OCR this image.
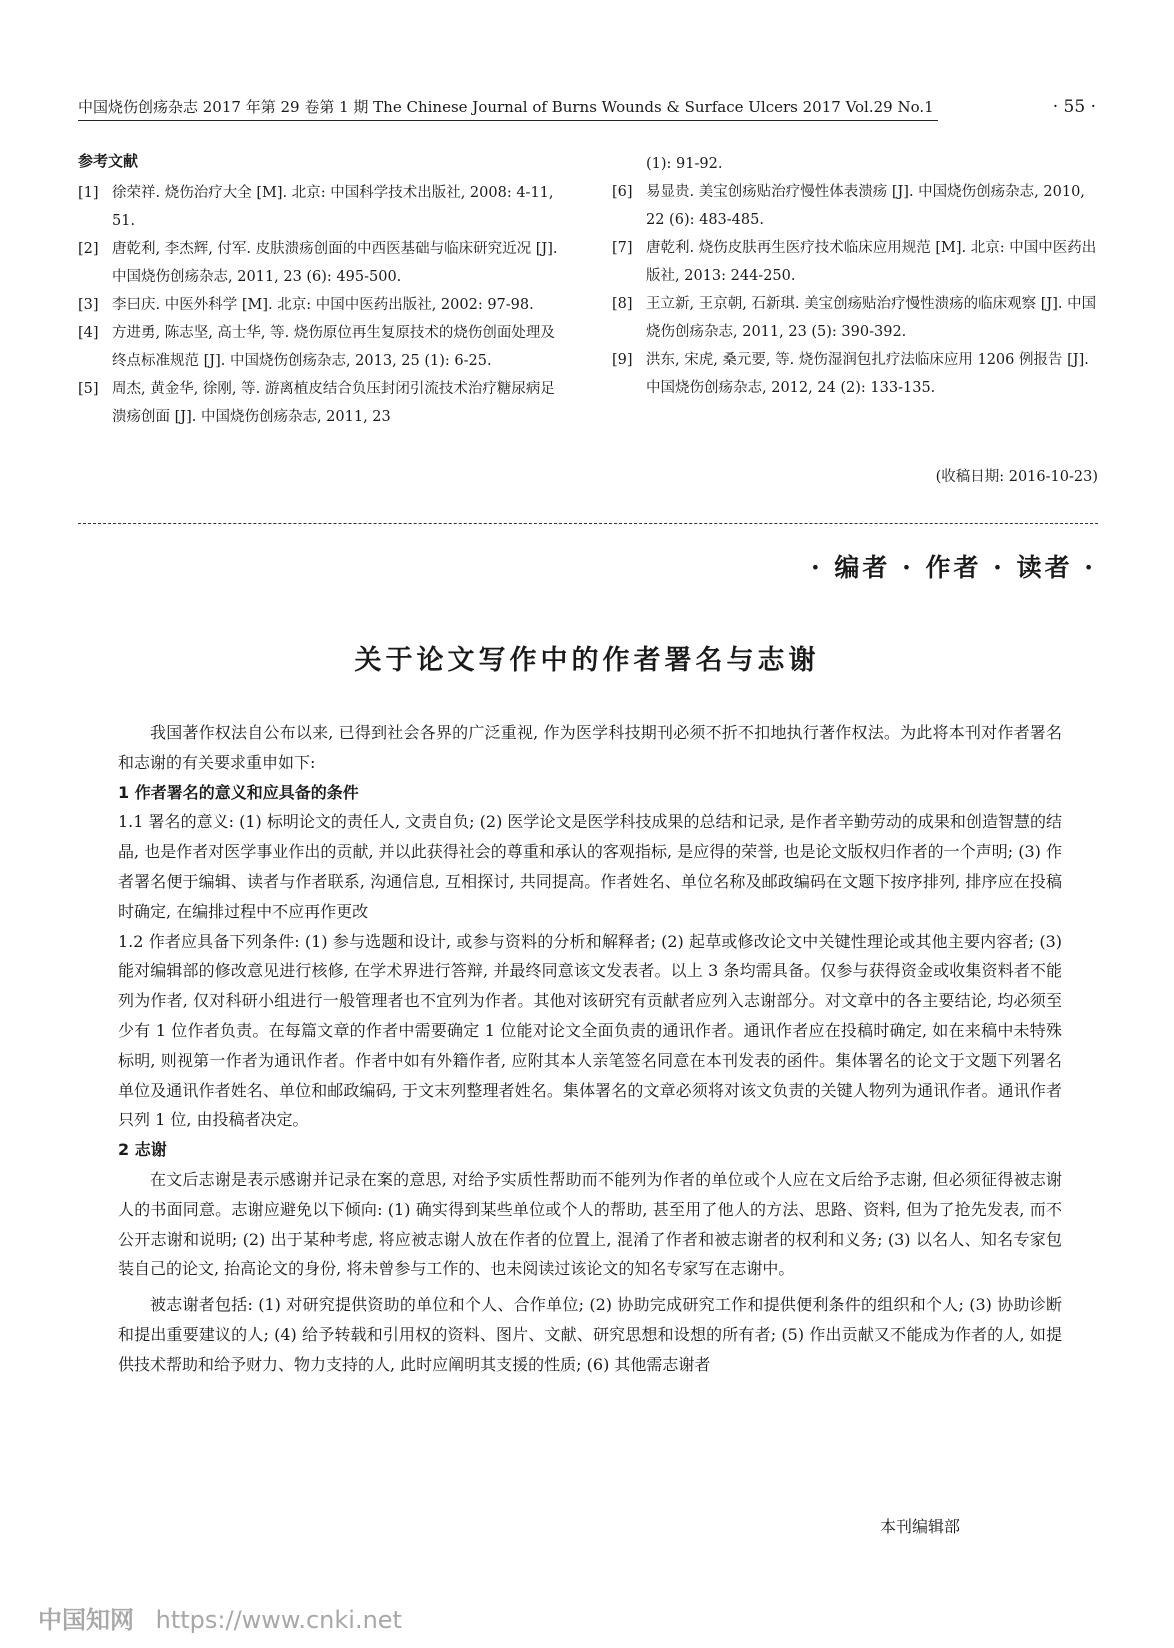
中国烧伤创疡杂志 2017 年第 29 卷第 1 期 The Chinese Journal of Burns Wounds & Surface Ulcers 2017 Vol.29 No.1	· 55 ·
参考文献
[1] 徐荣祥. 烧伤治疗大全 [M]. 北京: 中国科学技术出版社, 2008: 4-11, 51.
[2] 唐乾利, 李杰辉, 付军. 皮肤溃疡创面的中西医基础与临床研究近况 [J]. 中国烧伤创疡杂志, 2011, 23 (6): 495-500.
[3] 李曰庆. 中医外科学 [M]. 北京: 中国中医药出版社, 2002: 97-98.
[4] 方进勇, 陈志坚, 高士华, 等. 烧伤原位再生复原技术的烧伤创面处理及终点标准规范 [J]. 中国烧伤创疡杂志, 2013, 25 (1): 6-25.
[5] 周杰, 黄金华, 徐刚, 等. 游离植皮结合负压封闭引流技术治疗糖尿病足溃疡创面 [J]. 中国烧伤创疡杂志, 2011, 23
(1): 91-92.
[6] 易显贵. 美宝创疡贴治疗慢性体表溃疡 [J]. 中国烧伤创疡杂志, 2010, 22 (6): 483-485.
[7] 唐乾利. 烧伤皮肤再生医疗技术临床应用规范 [M]. 北京: 中国中医药出版社, 2013: 244-250.
[8] 王立新, 王京朝, 石新琪. 美宝创疡贴治疗慢性溃疡的临床观察 [J]. 中国烧伤创疡杂志, 2011, 23 (5): 390-392.
[9] 洪东, 宋虎, 桑元要, 等. 烧伤湿润包扎疗法临床应用 1206 例报告 [J]. 中国烧伤创疡杂志, 2012, 24 (2): 133-135.
(收稿日期: 2016-10-23)
· 编者 · 作者 · 读者 ·
关于论文写作中的作者署名与志谢

我国著作权法自公布以来, 已得到社会各界的广泛重视, 作为医学科技期刊必须不折不扣地执行著作权法。为此将本刊对作者署名和志谢的有关要求重申如下:

1 作者署名的意义和应具备的条件

1.1 署名的意义: (1) 标明论文的责任人, 文责自负; (2) 医学论文是医学科技成果的总结和记录, 是作者辛勤劳动的成果和创造智慧的结晶, 也是作者对医学事业作出的贡献, 并以此获得社会的尊重和承认的客观指标, 是应得的荣誉, 也是论文版权归作者的一个声明; (3) 作者署名便于编辑、读者与作者联系, 沟通信息, 互相探讨, 共同提高。作者姓名、单位名称及邮政编码在文题下按序排列, 排序应在投稿时确定, 在编排过程中不应再作更改

1.2 作者应具备下列条件: (1) 参与选题和设计, 或参与资料的分析和解释者; (2) 起草或修改论文中关键性理论或其他主要内容者; (3) 能对编辑部的修改意见进行核修, 在学术界进行答辩, 并最终同意该文发表者。以上 3 条均需具备。仅参与获得资金或收集资料者不能列为作者, 仅对科研小组进行一般管理者也不宜列为作者。其他对该研究有贡献者应列入志谢部分。对文章中的各主要结论, 均必须至少有 1 位作者负责。在每篇文章的作者中需要确定 1 位能对论文全面负责的通讯作者。通讯作者应在投稿时确定, 如在来稿中未特殊标明, 则视第一作者为通讯作者。作者中如有外籍作者, 应附其本人亲笔签名同意在本刊发表的函件。集体署名的论文于文题下列署名单位及通讯作者姓名、单位和邮政编码, 于文末列整理者姓名。集体署名的文章必须将对该文负责的关键人物列为通讯作者。通讯作者只列 1 位, 由投稿者决定。

2 志谢

在文后志谢是表示感谢并记录在案的意思, 对给予实质性帮助而不能列为作者的单位或个人应在文后给予志谢, 但必须征得被志谢人的书面同意。志谢应避免以下倾向: (1) 确实得到某些单位或个人的帮助, 甚至用了他人的方法、思路、资料, 但为了抢先发表, 而不公开志谢和说明; (2) 出于某种考虑, 将应被志谢人放在作者的位置上, 混淆了作者和被志谢者的权利和义务; (3) 以名人、知名专家包装自己的论文, 抬高论文的身份, 将未曾参与工作的、也未阅读过该论文的知名专家写在志谢中。

被志谢者包括: (1) 对研究提供资助的单位和个人、合作单位; (2) 协助完成研究工作和提供便利条件的组织和个人; (3) 协助诊断和提出重要建议的人; (4) 给予转载和引用权的资料、图片、文献、研究思想和设想的所有者; (5) 作出贡献又不能成为作者的人, 如提供技术帮助和给予财力、物力支持的人, 此时应阐明其支援的性质; (6) 其他需志谢者

本刊编辑部
中国知网 https://www.cnki.net
